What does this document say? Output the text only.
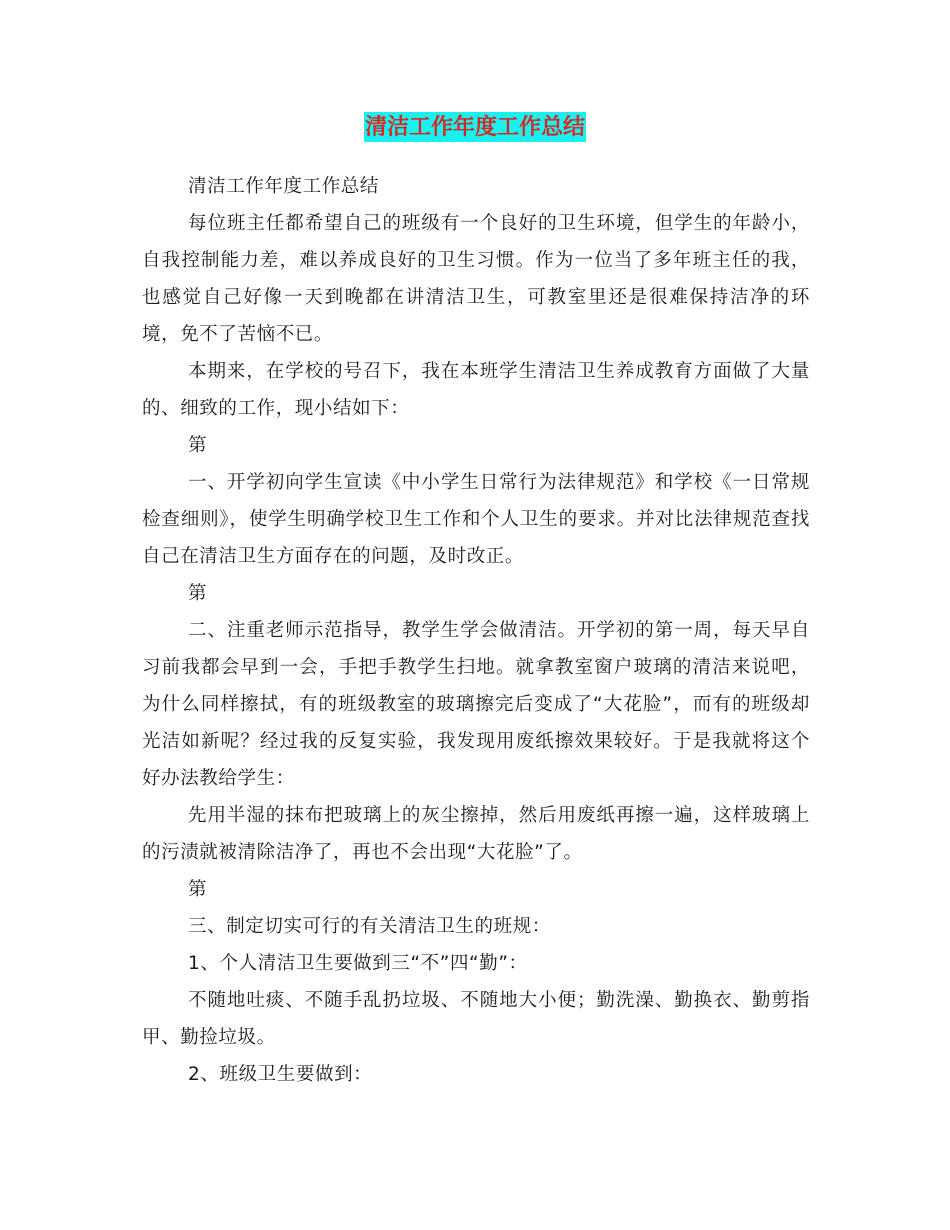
清洁工作年度工作总结

清洁工作年度工作总结

每位班主任都希望自己的班级有一个良好的卫生环境，但学生的年龄小，自我控制能力差，难以养成良好的卫生习惯。作为一位当了多年班主任的我，也感觉自己好像一天到晚都在讲清洁卫生，可教室里还是很难保持洁净的环境，免不了苦恼不已。

本期来，在学校的号召下，我在本班学生清洁卫生养成教育方面做了大量的、细致的工作，现小结如下：

第

一、开学初向学生宣读《中小学生日常行为法律规范》和学校《一日常规检查细则》，使学生明确学校卫生工作和个人卫生的要求。并对比法律规范查找自己在清洁卫生方面存在的问题，及时改正。

第

二、注重老师示范指导，教学生学会做清洁。开学初的第一周，每天早自习前我都会早到一会，手把手教学生扫地。就拿教室窗户玻璃的清洁来说吧，为什么同样擦拭，有的班级教室的玻璃擦完后变成了“大花脸”，而有的班级却光洁如新呢？经过我的反复实验，我发现用废纸擦效果较好。于是我就将这个好办法教给学生：

先用半湿的抹布把玻璃上的灰尘擦掉，然后用废纸再擦一遍，这样玻璃上的污渍就被清除洁净了，再也不会出现“大花脸”了。

第

三、制定切实可行的有关清洁卫生的班规：

1、个人清洁卫生要做到三“不”四“勤”：

不随地吐痰、不随手乱扔垃圾、不随地大小便；勤洗澡、勤换衣、勤剪指甲、勤捡垃圾。

2、班级卫生要做到：
